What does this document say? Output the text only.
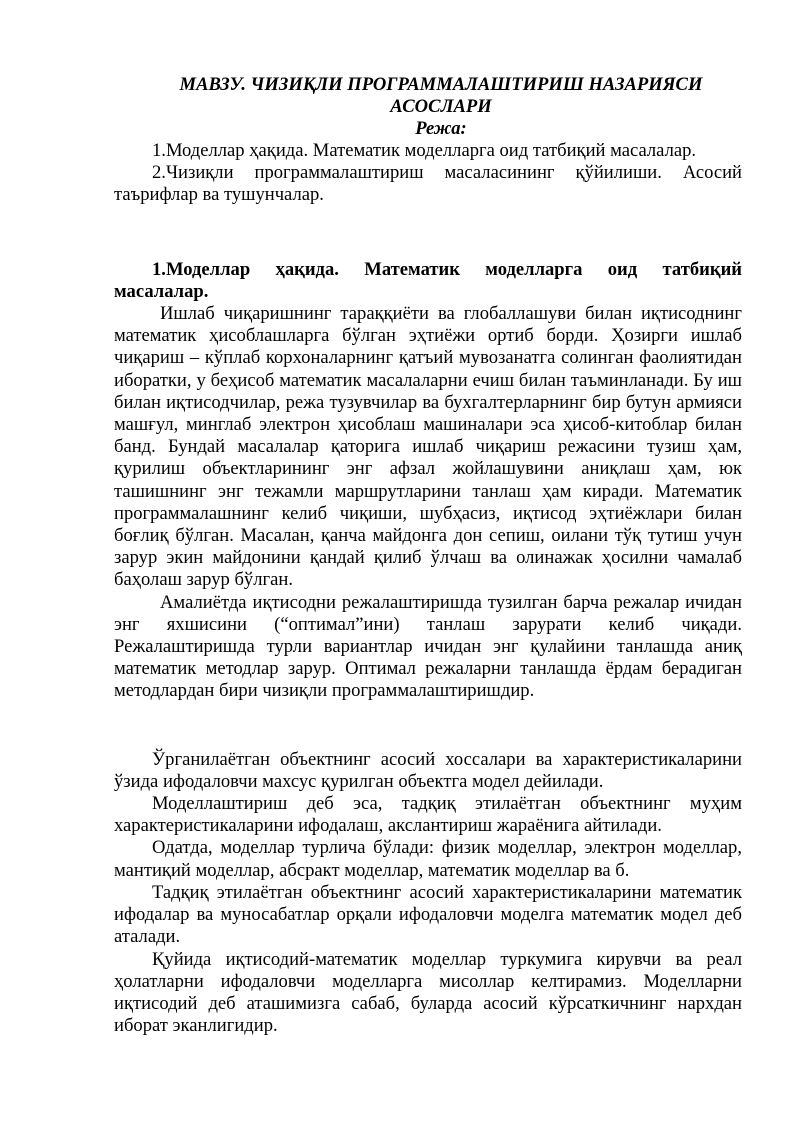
МАВЗУ. ЧИЗИҚЛИ ПРОГРАММАЛАШТИРИШ НАЗАРИЯСИ
АСОСЛАРИ
Режа:

1.Моделлар ҳақида. Математик моделларга оид татбиқий масалалар.

2.Чизиқли программалаштириш масаласининг қўйилиши. Асосий таърифлар ва тушунчалар.

1.Моделлар ҳақида. Математик моделларга оид татбиқий
масалалар.

Ишлаб чиқаришнинг тараққиёти ва глобаллашуви билан иқтисоднинг математик ҳисоблашларга бўлган эҳтиёжи ортиб борди. Ҳозирги ишлаб чиқариш – кўплаб корхоналарнинг қатъий мувозанатга солинган фаолиятидан иборатки, у беҳисоб математик масалаларни ечиш билан таъминланади. Бу иш билан иқтисодчилар, режа тузувчилар ва бухгалтерларнинг бир бутун армияси машғул, минглаб электрон ҳисоблаш машиналари эса ҳисоб-китоблар билан банд. Бундай масалалар қаторига ишлаб чиқариш режасини тузиш ҳам, қурилиш объектларининг энг афзал жойлашувини аниқлаш ҳам, юк ташишнинг энг тежамли маршрутларини танлаш ҳам киради. Математик программалашнинг келиб чиқиши, шубҳасиз, иқтисод эҳтиёжлари билан боғлиқ бўлган. Масалан, қанча майдонга дон сепиш, оилани тўқ тутиш учун зарур экин майдонини қандай қилиб ўлчаш ва олинажак ҳосилни чамалаб баҳолаш зарур бўлган.

Амалиётда иқтисодни режалаштиришда тузилган барча режалар ичидан энг яхшисини (“оптимал”ини) танлаш зарурати келиб чиқади. Режалаштиришда турли вариантлар ичидан энг қулайини танлашда аниқ математик методлар зарур. Оптимал режаларни танлашда ёрдам берадиган методлардан бири чизиқли программалаштиришдир.

Ўрганилаётган объектнинг асосий хоссалари ва характеристикаларини ўзида ифодаловчи махсус қурилган объектга модел дейилади.

Моделлаштириш деб эса, тадқиқ этилаётган объектнинг муҳим характеристикаларини ифодалаш, акслантириш жараёнига айтилади.

Одатда, моделлар турлича бўлади: физик моделлар, электрон моделлар, мантиқий моделлар, абсракт моделлар, математик моделлар ва б.

Тадқиқ этилаётган объектнинг асосий характеристикаларини математик ифодалар ва муносабатлар орқали ифодаловчи моделга математик модел деб аталади.

Қуйида иқтисодий-математик моделлар туркумига кирувчи ва реал ҳолатларни ифодаловчи моделларга мисоллар келтирамиз. Моделларни иқтисодий деб аташимизга сабаб, буларда асосий кўрсаткичнинг нархдан иборат эканлигидир.
